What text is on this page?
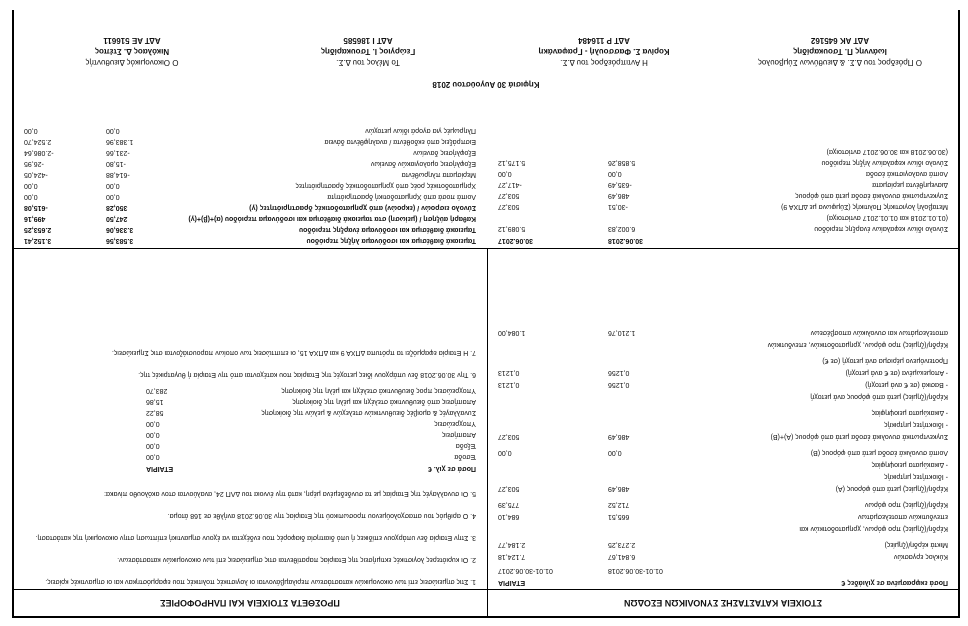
ΣΤΟΙΧΕΙΑ ΚΑΤΑΣΤΑΣΗΣ ΣΥΝΟΛΙΚΩΝ ΕΣΟΔΩΝ
ΠΡΟΣΘΕΤΑ ΣΤΟΙΧΕΙΑ ΚΑΙ ΠΛΗΡΟΦΟΡΙΕΣ
Ποσά εκφρασμένα σε χιλιάδες €
ΕΤΑΙΡΙΑ
01.01-30.06.2018
01.01-30.06.2017
Κύκλος εργασιών
6.841,67
7.124,18
Μικτά κέρδη/(ζημίες)
2.273,25
2.184,77
Κέρδη/(ζημίες) προ φόρων, χρηματοδοτικών και
επενδυτικών αποτελεσμάτων
665,51
684,10
Κέρδη/(ζημίες) προ φόρων
712,52
775,39
Κέρδη/(ζημίες) μετά από φόρους (Α)
486,49
503,27
- Ιδιοκτήτες μητρικής
- Δικαιώματα μειοψηφίας
Λοιπά συνολικά έσοδα μετά από φόρους (Β)
0,00
0,00
Συγκεντρωτικά συνολικά έσοδα μετά από φόρους (Α)+(Β)
486,49
503,27
- Ιδιοκτήτες μητρικής
- Δικαιώματα μειοψηφίας
Κέρδη/(ζημίες) μετά από φόρους ανά μετοχή
- Βασικά (σε € ανά μετοχή)
0,1256
0,1213
- Απομειωμένα (σε € ανά μετοχή)
0,1256
0,1213
Προτεινόμενο μέρισμα ανά μετοχή (σε €)
Κέρδη/(ζημίες) προ φόρων, χρηματοδοτικών, επενδυτικών
αποτελεσμάτων και συνολικών αποσβέσεων
1.210,76
1.084,00
30.06.2018
30.06.2017
Σύνολο ιδίων κεφαλαίων έναρξης περιόδου
6.002,83
5.089,12
(01.01.2018 και 01.01.2017 αντίστοιχα)
Μεταβολή λογιστικής Πολιτικής (Σύμφωνα με ΔΠΧΑ 9)
-30,51
503,27
Συγκεντρωτικά συνολικά έσοδα μετά από φόρους
486,49
503,27
Διανεμηθέντα μερίσματα
-635,49
-417,27
Λοιπά αναλογιστικά έσοδα
0,00
0,00
Σύνολο ιδίων κεφαλαίων λήξης περιόδου
5.858,26
5.175,12
(30.06.2018 και 30.06.2017 αντίστοιχα)
1. Στις σημειώσεις επί των οικονομικών καταστάσεων περιλαμβάνονται οι λογιστικές πολιτικές που εφαρμόστηκαν και οι σημαντικές κρίσεις.
2. Οι κυριότερες λογιστικές εκτιμήσεις της Εταιρίας παρατίθενται στις σημειώσεις επί των οικονομικών καταστάσεων.
3. Στην Εταιρία δεν υπάρχουν επίδικες ή υπό διαιτησία διαφορές που ενδέχεται να έχουν σημαντική επίπτωση στην οικονομική της κατάσταση.
4. Ο αριθμός του απασχολούμενου προσωπικού της Εταιρίας την 30.06.2018 ανήλθε σε 168 άτομα.
5. Οι συναλλαγές της Εταιρίας με τα συνδεδεμένα μέρη, κατά την έννοια του ΔΛΠ 24, αναλύονται στον ακόλουθο πίνακα:
Ποσά σε χιλ. €
ΕΤΑΙΡΙΑ
Έσοδα
0,00
Έξοδα
0,00
Απαιτήσεις
0,00
Υποχρεώσεις
0,00
Συναλλαγές & αμοιβές διευθυντικών στελεχών & μελών της διοίκησης
58,22
Απαιτήσεις από διευθυντικά στελέχη και μέλη της διοίκησης
15,86
Υποχρεώσεις προς διευθυντικά στελέχη και μέλη της διοίκησης
283,70
6. Την 30.06.2018 δεν υπάρχουν ίδιες μετοχές της Εταιρίας που κατέχονται από την Εταιρία ή θυγατρικές της.
7. Η Εταιρία εφαρμόζει τα πρότυπα ΔΠΧΑ 9 και ΔΠΧΑ 15, οι επιπτώσεις των οποίων παρουσιάζονται στις Σημειώσεις.
Ταμειακά διαθέσιμα και ισοδύναμα λήξης περιόδου
3.583,56
3.152,41
Ταμειακά διαθέσιμα και ισοδύναμα έναρξης περιόδου
3.336,06
2.653,25
Καθαρή αύξηση / (μείωση) στα ταμειακά διαθέσιμα και ισοδύναμα περιόδου (α)+(β)+(γ)
247,50
499,16
Σύνολο εισροών / (εκροών) από χρηματοδοτικές δραστηριότητες (γ)
350,28
-615,08
Λοιπά ποσά από Χρηματοδοτική δραστηριότητα
0,00
0,00
Χρηματοδοτικές ροές από χρηματοδοτικές δραστηριότητες
0,00
0,00
Μερίσματα πληρωθέντα
-614,88
-424,05
Εξοφλήσεις ομολογιακών δανείων
-15,80
-26,95
Εξοφλήσεις δανείων
-231,66
-2.086,64
Εισπράξεις από εκδοθέντα / αναληφθέντα δάνεια
1.383,96
2.524,70
Πληρωμές για αγορά ιδίων μετοχών
0,00
0,00
Κηφισιά 30 Αυγούστου 2018
Ο Πρόεδρος του Δ.Σ. & Διευθύνων Σύμβουλος
Ιωάννης Π. Τσουκαρίδης
ΑΔΤ ΑΚ 645162
Η Αντιπρόεδρος του Δ.Σ.
Κορίνα Σ. Φασσουλή - Γραφανάκη
ΑΔΤ Ρ 116484
Το Μέλος του Δ.Σ.
Γεώργιος Ι. Τσουκαρίδης
ΑΔΤ Ι 186585
Ο Οικονομικός Διευθυντής
Νικόλαος Δ. Στέπος
ΑΔΤ ΑΕ 516611
